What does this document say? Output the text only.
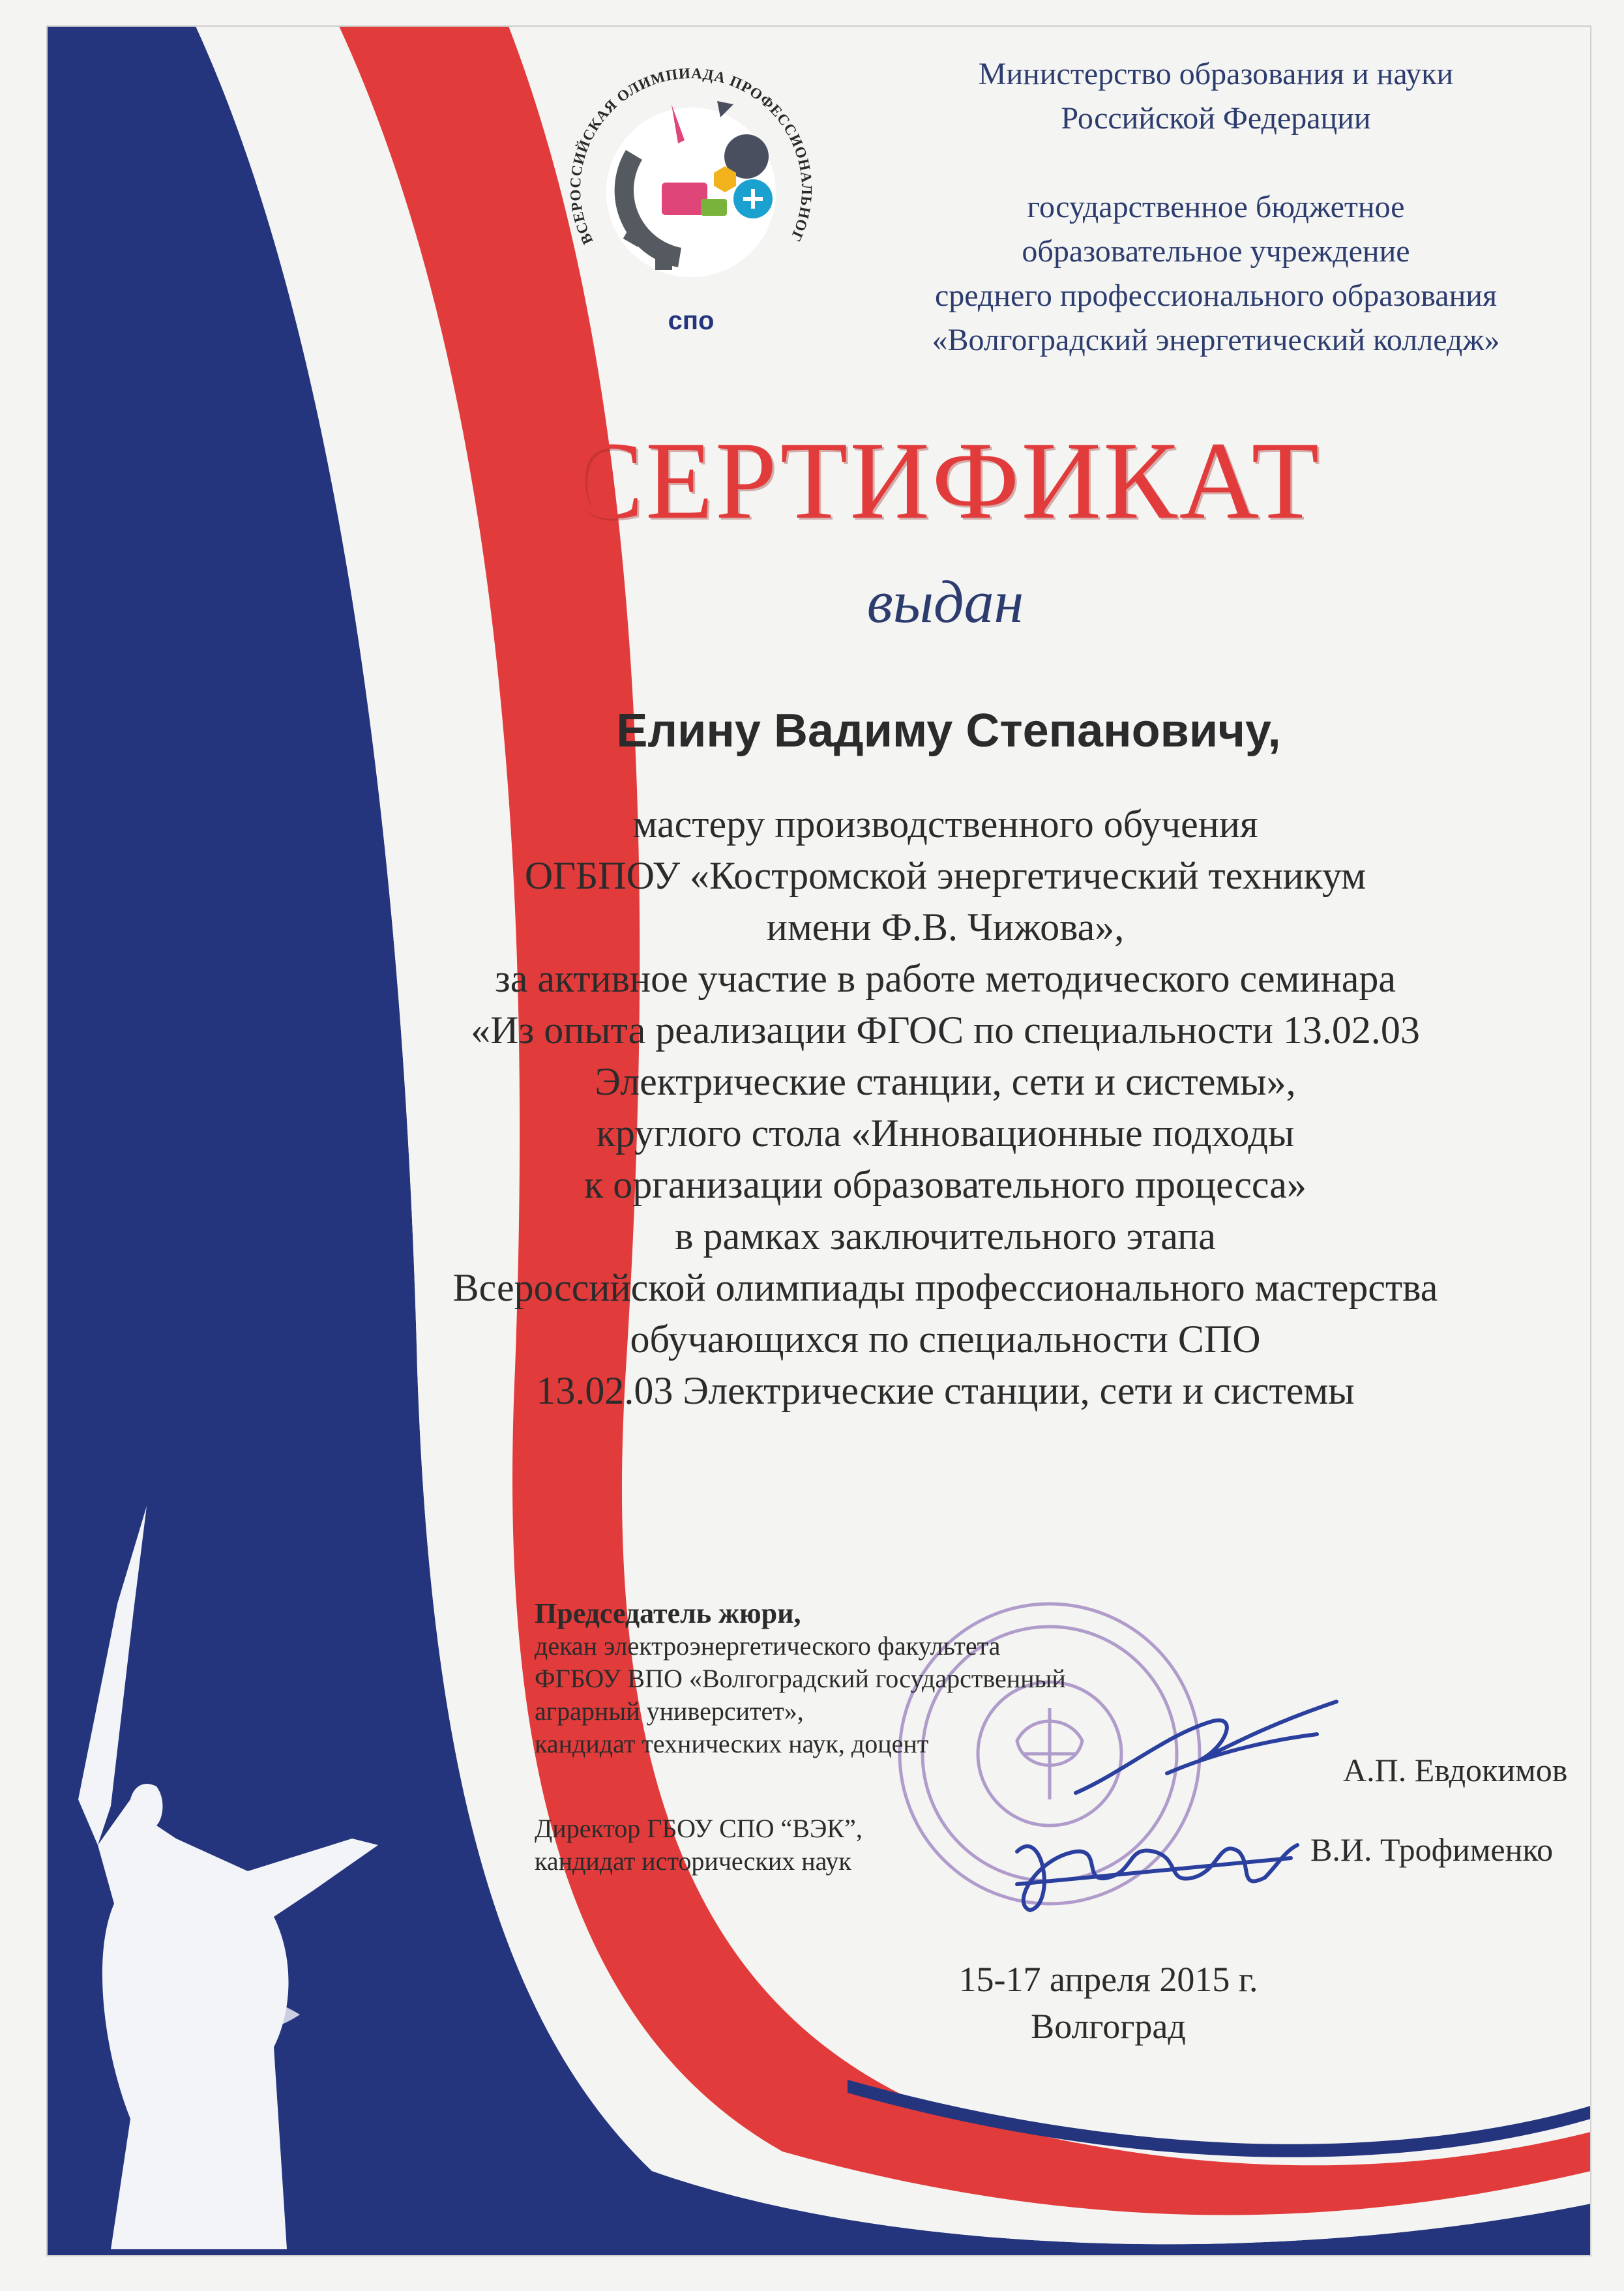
ВСЕРОССИЙСКАЯ ОЛИМПИАДА ПРОФЕССИОНАЛЬНОГ
спо
Министерство образования и науки
Российской Федерации
государственное бюджетное
образовательное учреждение
среднего профессионального образования
«Волгоградский энергетический колледж»
СЕРТИФИКАТ
выдан
Елину Вадиму Степановичу,
мастеру производственного обучения
ОГБПОУ «Костромской энергетический техникум
имени Ф.В. Чижова»,
за активное участие в работе методического семинара
«Из опыта реализации ФГОС по специальности 13.02.03
Электрические станции, сети и системы»,
круглого стола «Инновационные подходы
к организации образовательного процесса»
в рамках заключительного этапа
Всероссийской олимпиады профессионального мастерства
обучающихся по специальности СПО
13.02.03 Электрические станции, сети и системы
Председатель жюри,
декан электроэнергетического факультета
ФГБОУ ВПО «Волгоградский государственный
аграрный университет»,
кандидат технических наук, доцент
А.П. Евдокимов
Директор ГБОУ СПО “ВЭК”,
кандидат исторических наук	В.И. Трофименко
15-17 апреля 2015 г.
Волгоград
